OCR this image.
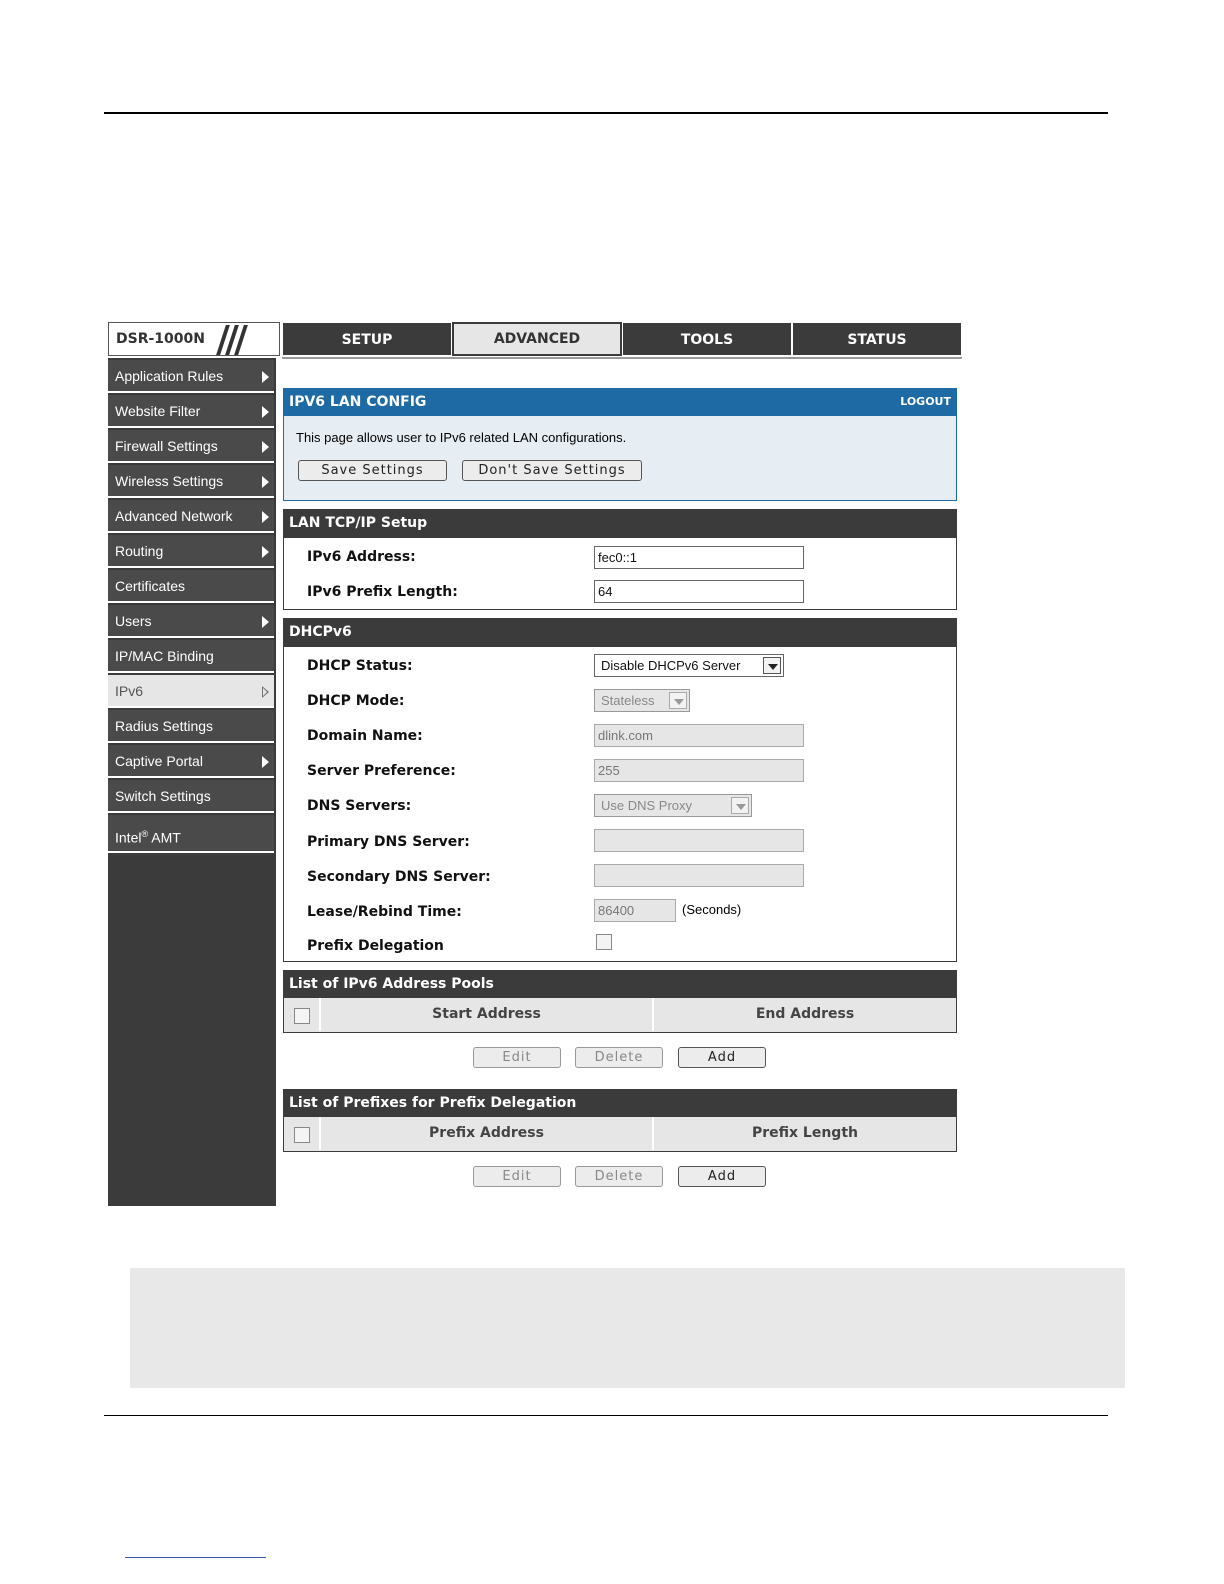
DSR-1000N	SETUP	ADVANCED	TOOLS	STATUS
Application Rules
Website Filter
Firewall Settings
Wireless Settings
Advanced Network
Routing
Certificates
Users
IP/MAC Binding
IPv6
Radius Settings
Captive Portal
Switch Settings
Intel® AMT
IPV6 LAN CONFIG	LOGOUT
This page allows user to IPv6 related LAN configurations.
Save Settings	Don't Save Settings
LAN TCP/IP Setup
IPv6 Address:	fec0::1
IPv6 Prefix Length:	64
DHCPv6
DHCP Status:	Disable DHCPv6 Server
DHCP Mode:	Stateless
Domain Name:	dlink.com
Server Preference:	255
DNS Servers:	Use DNS Proxy
Primary DNS Server:
Secondary DNS Server:
Lease/Rebind Time:	86400	(Seconds)
Prefix Delegation
List of IPv6 Address Pools
Start Address	End Address
Edit	Delete	Add
List of Prefixes for Prefix Delegation
Prefix Address	Prefix Length
Edit	Delete	Add
